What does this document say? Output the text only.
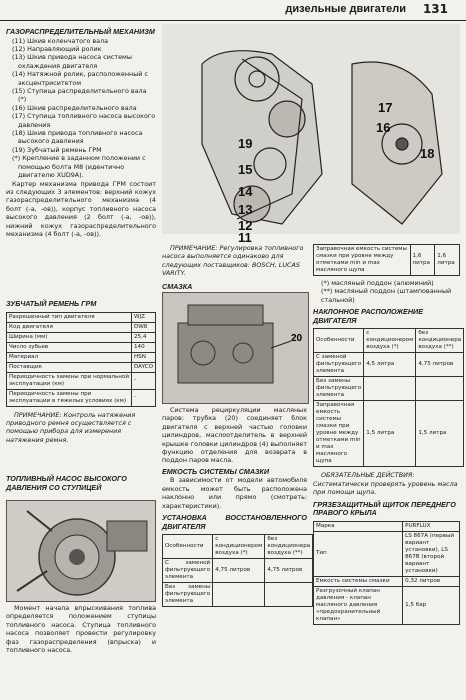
дизельные двигатели 131

ГАЗОРАСПРЕДЕЛИТЕЛЬНЫЙ МЕХАНИЗМ

(11) Шкив коленчатого вала

(12) Направляющий ролик

(13) Шкив привода насоса системы охлаждения двигателя

(14) Натяжной ролик, расположенный с эксцентриситетом

(15) Ступица распределительного вала (*)

(16) Шкив распределительного вала

(17) Ступица топливного насоса высокого давления

(18) Шкив привода топливного насоса высокого давления

(19) Зубчатый ремень ГРМ

(*) Крепление в заданном положении с помощью болта M8 (идентично двигателю XUD9A).

Картер механизма привода ГРМ состоит из следующих 3 элементов: верхний кожух газораспределительного механизма (4 болт (-а, -ов)), корпус топливного насоса высокого давления (2 болт (-а, -ов)), нижний кожух газораспределительного механизма (4 болт (-а, -ов)).

ЗУБЧАТЫЙ РЕМЕНЬ ГРМ

Разрешенный тип двигателя	WJZ
Код двигателя	DW8
Ширина (мм)	25,4
Число зубьев	140
Материал	HSN
Поставщик	DAYCO
Периодичность замены при нормальной эксплуатации (км)	-
Периодичность замены при эксплуатации в тяжелых условиях (км)	-

ПРИМЕЧАНИЕ: Контроль натяжения приводного ремня осуществляется с помощью прибора для измерения натяжения ремня.

ТОПЛИВНЫЙ НАСОС ВЫСОКОГО ДАВЛЕНИЯ СО СТУПИЦЕЙ

Момент начала впрыскивания топлива определяется положением ступицы топливного насоса. Ступица топливного насоса позволяет провести регулировку фаз газораспределения (впрыска) и топливного насоса.

17
16
19
15
14
13
12
11
18

ПРИМЕЧАНИЕ: Регулировка топливного насоса выполняется одинаково для следующих поставщиков: BOSCH, LUCAS VARITY.

СМАЗКА

20

Система рециркуляции масляных паров: трубка (20) соединяет блок двигателя с верхней частью головки цилиндров, маслоотделитель в верхней крышке головки цилиндров (4) выполняет функцию отделения для возврата в поддон паров масла.

ЕМКОСТЬ СИСТЕМЫ СМАЗКИ

В зависимости от модели автомобиля емкость может быть расположена наклонно или прямо (смотреть: характеристики).

УСТАНОВКА ВОССТАНОВЛЕННОГО ДВИГАТЕЛЯ

Особенности	с кондиционером воздуха (*)	без кондиционера воздуха (**)
С заменой фильтрующего элемента	4,75 литров	4,75 литров
Без замены фильтрующего элемента		
Заправочная емкость системы смазки при уровне между отметками min и max масляного щупа	1,6 литра	1,6 литра

(*) масляный поддон (алюминий)

(**) масляный поддон (штампованный стальной)

НАКЛОННОЕ РАСПОЛОЖЕНИЕ ДВИГАТЕЛЯ

Особенности	с кондиционером воздуха (*)	без кондиционера воздуха (**)
С заменой фильтрующего элемента	4,5 литра	4,75 литров
Без замены фильтрующего элемента		
Заправочная емкость системы смазки при уровне между отметками min и max масляного щупа	1,5 литра	1,5 литра

ОБЯЗАТЕЛЬНЫЕ ДЕЙСТВИЯ: Систематически проверять уровень масла при помощи щупа.

ГРЯЗЕЗАЩИТНЫЙ ЩИТОК ПЕРЕДНЕГО ПРАВОГО КРЫЛА

Марка	PURFLUX
Тип	LS 867A (первый вариант установки), LS 867B (второй вариант установки)
Емкость системы смазки	0,32 литров
Разгрузочный клапан давления - клапан масляного давления «предохранительный клапан»	1,5 бар
